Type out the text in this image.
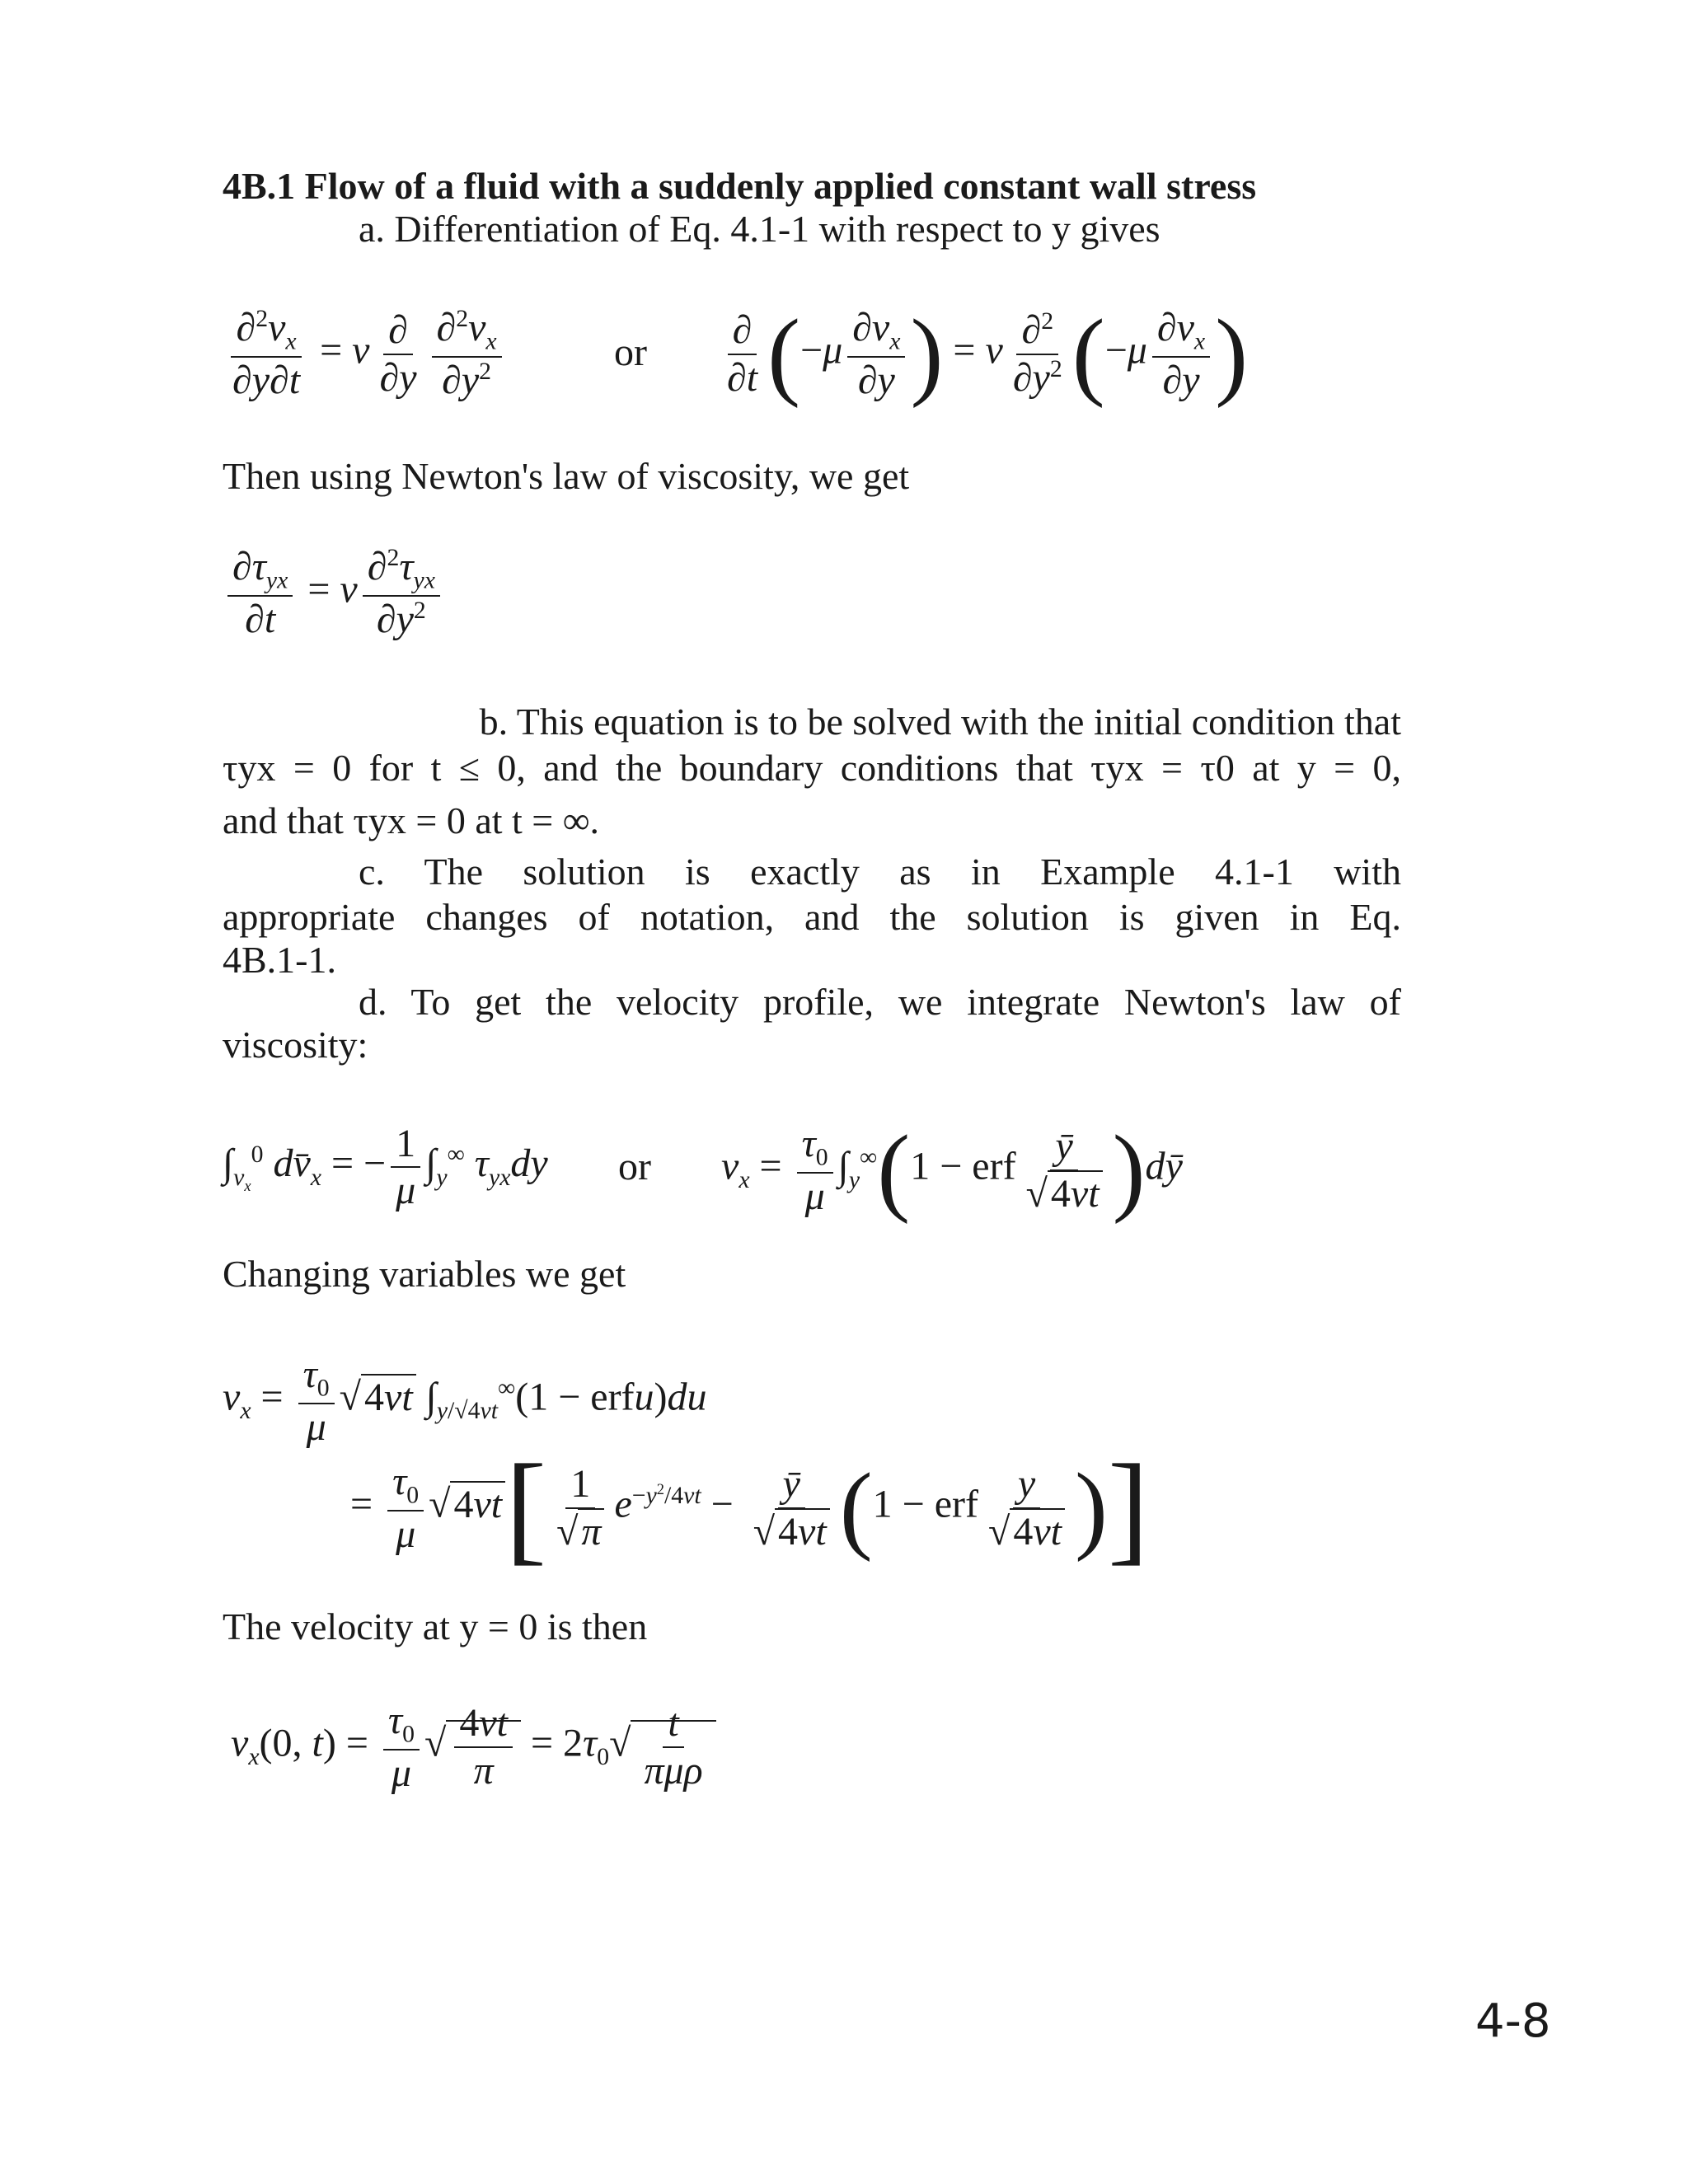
4B.1 Flow of a fluid with a suddenly applied constant wall stress
a. Differentiation of Eq. 4.1-1 with respect to y gives
$\frac{\partial^2v_x}{\partial y\partial t} = \nu \frac{\partial}{\partial y} \frac{\partial^2v_x}{\partial y^2}$	or $\frac{\partial}{\partial t} (-\mu \frac{\partial v_x}{\partial y}$ ) = ν $\frac{\partial^2}{\partial y^2} (-\mu \frac{\partial v_x}{\partial y}$ )
Then using Newton's law of viscosity, we get
$\frac{\partial\tau_{yx}}{\partial t} = \nu \frac{\partial^2\tau_{yx}}{\partial y^2}$
b. This equation is to be solved with the initial condition that
τyx = 0 for t ≤ 0, and the boundary conditions that τyx = τ0 at y = 0,
and that τyx = 0 at t = ∞.
c. The solution is exactly as in Example 4.1-1 with
appropriate changes of notation, and the solution is given in Eq.
4B.1-1.
d. To get the velocity profile, we integrate Newton's law of
viscosity:
$\int_{v_x}^0$ $dv̄_x$ = − $\frac{1}{\mu} \int_y^\infty$ $\tau_{yx}dy$ or $v_x = \frac{\tau_0}{\mu} \int_y^\infty(1$ − erf $\frac{ȳ}{√4\nu t}$ )dȳ
Changing variables we get
$v_x = \frac{\tau_0}{\mu} √4\nu t$ $\int_{y/√4\nu t}^\infty(1$ − erfu)du
= $\frac{\tau_0}{\mu} √4\nu t[ \frac{1}{√\pi} e^{-y^2/4\nu t} - \frac{ȳ}{√4\nu t} (1$ − erf $\frac{y}{√4\nu t}$ )]
The velocity at y = 0 is then
$v_x(0$, $t) = \frac{\tau_0}{\mu}$ √ $\frac{4\nu t}{\pi} = 2\tau_0√ \frac{t}{\text{πμρ}}$
4-8
